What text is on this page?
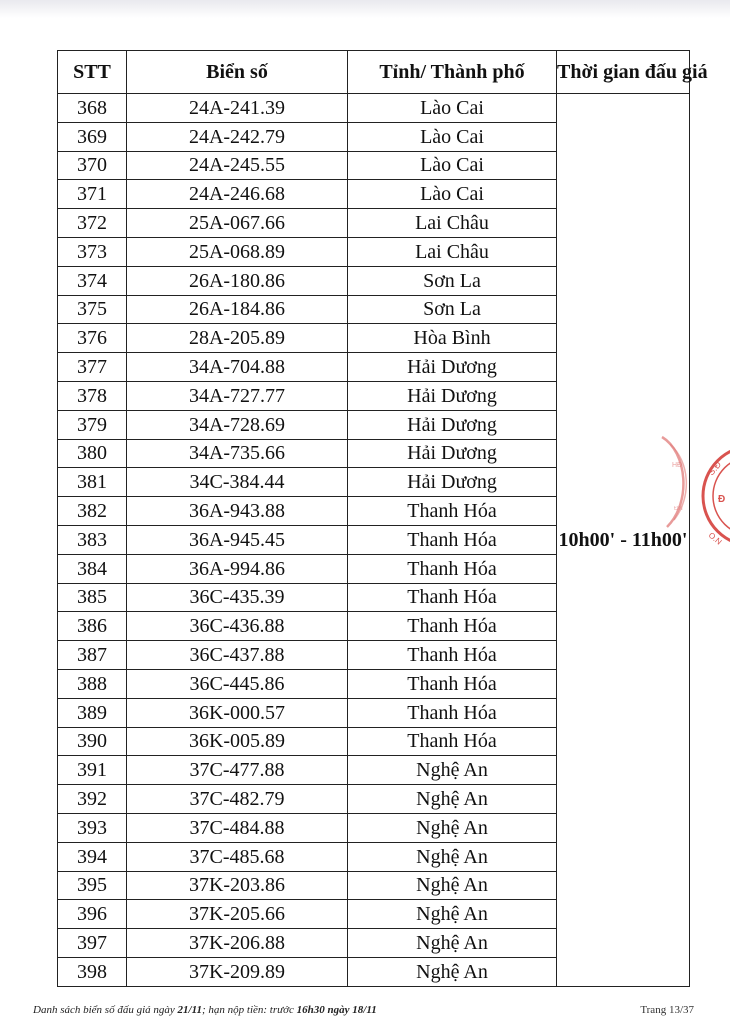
STT	Biển số	Tỉnh/ Thành phố	Thời gian đấu giá
368	24A-241.39	Lào Cai	10h00' - 11h00'
369	24A-242.79	Lào Cai	
370	24A-245.55	Lào Cai	
371	24A-246.68	Lào Cai	
372	25A-067.66	Lai Châu	
373	25A-068.89	Lai Châu	
374	26A-180.86	Sơn La	
375	26A-184.86	Sơn La	
376	28A-205.89	Hòa Bình	
377	34A-704.88	Hải Dương	
378	34A-727.77	Hải Dương	
379	34A-728.69	Hải Dương	
380	34A-735.66	Hải Dương	
381	34C-384.44	Hải Dương	
382	36A-943.88	Thanh Hóa	
383	36A-945.45	Thanh Hóa	
384	36A-994.86	Thanh Hóa	
385	36C-435.39	Thanh Hóa	
386	36C-436.88	Thanh Hóa	
387	36C-437.88	Thanh Hóa	
388	36C-445.86	Thanh Hóa	
389	36K-000.57	Thanh Hóa	
390	36K-005.89	Thanh Hóa	
391	37C-477.88	Nghệ An	
392	37C-482.79	Nghệ An	
393	37C-484.88	Nghệ An	
394	37C-485.68	Nghệ An	
395	37K-203.86	Nghệ An	
396	37K-205.66	Nghệ An	
397	37K-206.88	Nghệ An	
398	37K-209.89	Nghệ An	
HĐ
ĐN
S.Đ
Đ
O.N
Danh sách biển số đấu giá ngày 21/11; hạn nộp tiền: trước 16h30 ngày 18/11	Trang 13/37
